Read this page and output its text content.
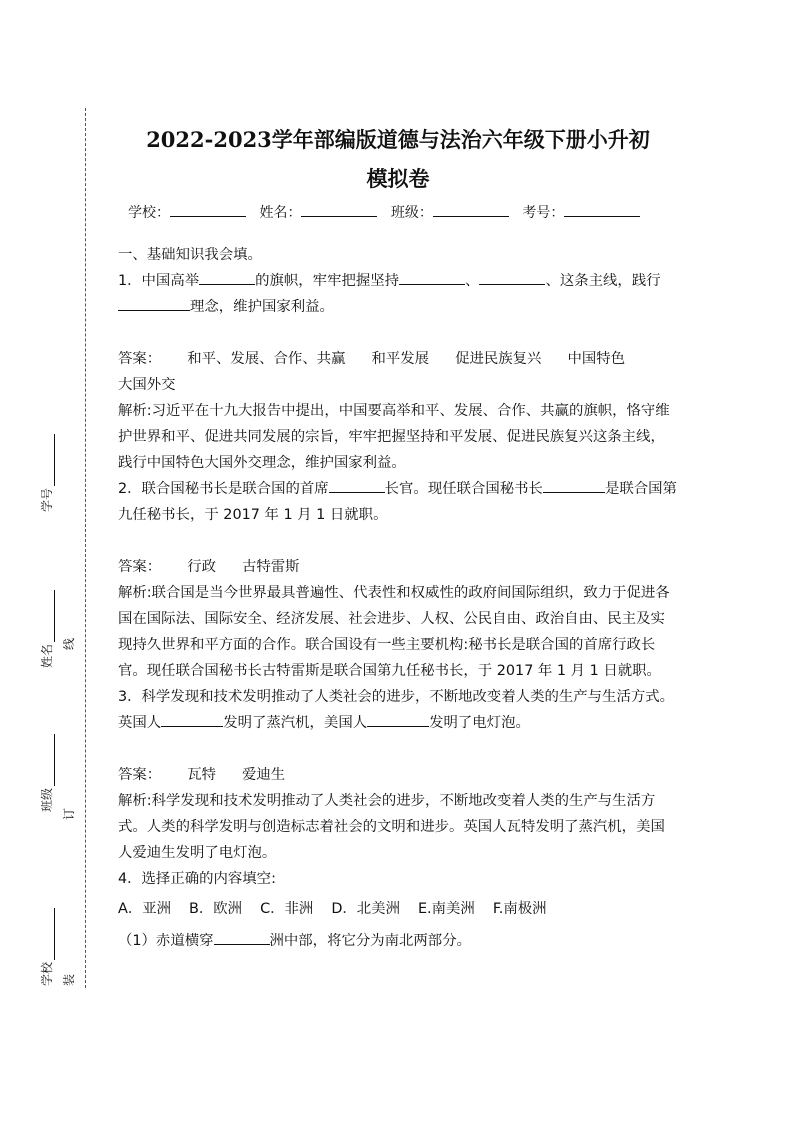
学号
姓名
班级
学校
线
订
装
2022-2023学年部编版道德与法治六年级下册小升初
模拟卷
学校：	姓名：	班级：	考号：

一、基础知识我会填。

1．中国高举	的旗帜，牢牢把握坚持	、	、这条主线，践行理念，维护国家利益。

答案： 和平、发展、合作、共赢 和平发展 促进民族复兴 中国特色
大国外交

解析:习近平在十九大报告中提出，中国要高举和平、发展、合作、共赢的旗帜，恪守维护世界和平、促进共同发展的宗旨，牢牢把握坚持和平发展、促进民族复兴这条主线，践行中国特色大国外交理念，维护国家利益。

2．联合国秘书长是联合国的首席	长官。现任联合国秘书长	是联合国第九任秘书长，于 2017 年 1 月 1 日就职。

答案： 行政 古特雷斯

解析:联合国是当今世界最具普遍性、代表性和权威性的政府间国际组织，致力于促进各国在国际法、国际安全、经济发展、社会进步、人权、公民自由、政治自由、民主及实现持久世界和平方面的合作。联合国设有一些主要机构:秘书长是联合国的首席行政长官。现任联合国秘书长古特雷斯是联合国第九任秘书长，于 2017 年 1 月 1 日就职。

3．科学发现和技术发明推动了人类社会的进步，不断地改变着人类的生产与生活方式。英国人	发明了蒸汽机，美国人	发明了电灯泡。

答案： 瓦特 爱迪生

解析:科学发现和技术发明推动了人类社会的进步，不断地改变着人类的生产与生活方式。人类的科学发明与创造标志着社会的文明和进步。英国人瓦特发明了蒸汽机，美国人爱迪生发明了电灯泡。

4．选择正确的内容填空:

A．亚洲 B．欧洲 C．非洲 D．北美洲 E.南美洲 F.南极洲

（1）赤道横穿	洲中部，将它分为南北两部分。
